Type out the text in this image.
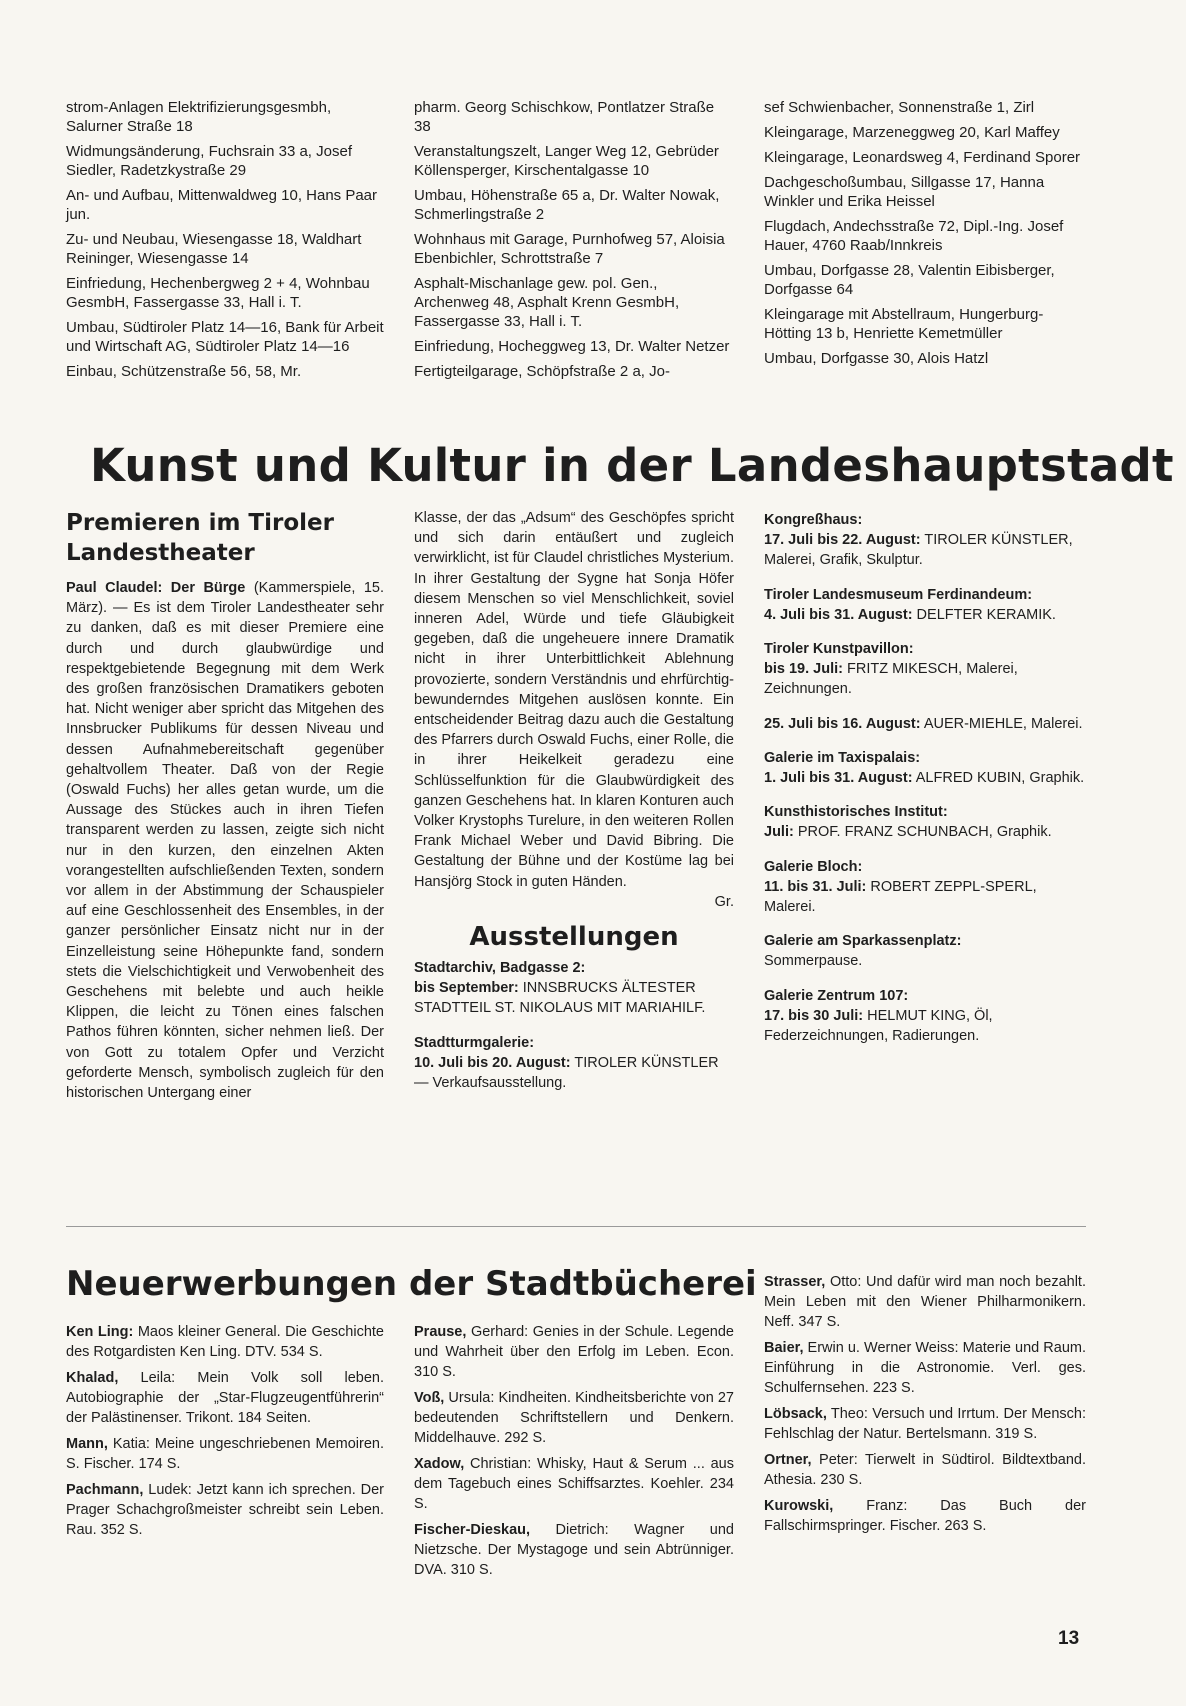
strom-Anlagen Elektrifizierungsgesmbh, Salurner Straße 18

Widmungsänderung, Fuchsrain 33 a, Josef Siedler, Radetzkystraße 29

An- und Aufbau, Mittenwaldweg 10, Hans Paar jun.

Zu- und Neubau, Wiesengasse 18, Waldhart Reininger, Wiesengasse 14

Einfriedung, Hechenbergweg 2 + 4, Wohnbau GesmbH, Fassergasse 33, Hall i. T.

Umbau, Südtiroler Platz 14—16, Bank für Arbeit und Wirtschaft AG, Südtiroler Platz 14—16

Einbau, Schützenstraße 56, 58, Mr.

pharm. Georg Schischkow, Pontlatzer Straße 38

Veranstaltungszelt, Langer Weg 12, Gebrüder Köllensperger, Kirschentalgasse 10

Umbau, Höhenstraße 65 a, Dr. Walter Nowak, Schmerlingstraße 2

Wohnhaus mit Garage, Purnhofweg 57, Aloisia Ebenbichler, Schrottstraße 7

Asphalt-Mischanlage gew. pol. Gen., Archenweg 48, Asphalt Krenn GesmbH, Fassergasse 33, Hall i. T.

Einfriedung, Hocheggweg 13, Dr. Walter Netzer

Fertigteilgarage, Schöpfstraße 2 a, Jo-

sef Schwienbacher, Sonnenstraße 1, Zirl

Kleingarage, Marzeneggweg 20, Karl Maffey

Kleingarage, Leonardsweg 4, Ferdinand Sporer

Dachgeschoßumbau, Sillgasse 17, Hanna Winkler und Erika Heissel

Flugdach, Andechsstraße 72, Dipl.-Ing. Josef Hauer, 4760 Raab/Innkreis

Umbau, Dorfgasse 28, Valentin Eibisberger, Dorfgasse 64

Kleingarage mit Abstellraum, Hungerburg-Hötting 13 b, Henriette Kemetmüller

Umbau, Dorfgasse 30, Alois Hatzl

Kunst und Kultur in der Landeshauptstadt

Premieren im Tiroler

Landestheater

Paul Claudel: Der Bürge (Kammerspiele, 15. März). — Es ist dem Tiroler Landestheater sehr zu danken, daß es mit dieser Premiere eine durch und durch glaubwürdige und respektgebietende Begegnung mit dem Werk des großen französischen Dramatikers geboten hat. Nicht weniger aber spricht das Mitgehen des Innsbrucker Publikums für dessen Niveau und dessen Aufnahmebereitschaft gegenüber gehaltvollem Theater. Daß von der Regie (Oswald Fuchs) her alles getan wurde, um die Aussage des Stückes auch in ihren Tiefen transparent werden zu lassen, zeigte sich nicht nur in den kurzen, den einzelnen Akten vorangestellten aufschließenden Texten, sondern vor allem in der Abstimmung der Schauspieler auf eine Geschlossenheit des Ensembles, in der ganzer persönlicher Einsatz nicht nur in der Einzelleistung seine Höhepunkte fand, sondern stets die Vielschichtigkeit und Verwobenheit des Geschehens mit belebte und auch heikle Klippen, die leicht zu Tönen eines falschen Pathos führen könnten, sicher nehmen ließ. Der von Gott zu totalem Opfer und Verzicht geforderte Mensch, symbolisch zugleich für den historischen Untergang einer

Klasse, der das „Adsum“ des Geschöpfes spricht und sich darin entäußert und zugleich verwirklicht, ist für Claudel christliches Mysterium. In ihrer Gestaltung der Sygne hat Sonja Höfer diesem Menschen so viel Menschlichkeit, soviel inneren Adel, Würde und tiefe Gläubigkeit gegeben, daß die ungeheuere innere Dramatik nicht in ihrer Unterbittlichkeit Ablehnung provozierte, sondern Verständnis und ehrfürchtig-bewunderndes Mitgehen auslösen konnte. Ein entscheidender Beitrag dazu auch die Gestaltung des Pfarrers durch Oswald Fuchs, einer Rolle, die in ihrer Heikelkeit geradezu eine Schlüsselfunktion für die Glaubwürdigkeit des ganzen Geschehens hat. In klaren Konturen auch Volker Krystophs Turelure, in den weiteren Rollen Frank Michael Weber und David Bibring. Die Gestaltung der Bühne und der Kostüme lag bei Hansjörg Stock in guten Händen.

Gr.

Ausstellungen

Stadtarchiv, Badgasse 2:

bis September: INNSBRUCKS ÄLTESTER STADTTEIL ST. NIKOLAUS MIT MARIAHILF.

Stadtturmgalerie:

10. Juli bis 20. August: TIROLER KÜNSTLER — Verkaufsausstellung.

Kongreßhaus:

17. Juli bis 22. August: TIROLER KÜNSTLER, Malerei, Grafik, Skulptur.

Tiroler Landesmuseum Ferdinandeum:

4. Juli bis 31. August: DELFTER KERAMIK.

Tiroler Kunstpavillon:

bis 19. Juli: FRITZ MIKESCH, Malerei, Zeichnungen.

25. Juli bis 16. August: AUER-MIEHLE, Malerei.

Galerie im Taxispalais:

1. Juli bis 31. August: ALFRED KUBIN, Graphik.

Kunsthistorisches Institut:

Juli: PROF. FRANZ SCHUNBACH, Graphik.

Galerie Bloch:

11. bis 31. Juli: ROBERT ZEPPL-SPERL, Malerei.

Galerie am Sparkassenplatz:

Sommerpause.

Galerie Zentrum 107:

17. bis 30 Juli: HELMUT KING, Öl, Federzeichnungen, Radierungen.

Neuerwerbungen der Stadtbücherei

Ken Ling: Maos kleiner General. Die Geschichte des Rotgardisten Ken Ling. DTV. 534 S.

Khalad, Leila: Mein Volk soll leben. Autobiographie der „Star-Flugzeugentführerin“ der Palästinenser. Trikont. 184 Seiten.

Mann, Katia: Meine ungeschriebenen Memoiren. S. Fischer. 174 S.

Pachmann, Ludek: Jetzt kann ich sprechen. Der Prager Schachgroßmeister schreibt sein Leben. Rau. 352 S.

Prause, Gerhard: Genies in der Schule. Legende und Wahrheit über den Erfolg im Leben. Econ. 310 S.

Voß, Ursula: Kindheiten. Kindheitsberichte von 27 bedeutenden Schriftstellern und Denkern. Middelhauve. 292 S.

Xadow, Christian: Whisky, Haut & Serum ... aus dem Tagebuch eines Schiffsarztes. Koehler. 234 S.

Fischer-Dieskau, Dietrich: Wagner und Nietzsche. Der Mystagoge und sein Abtrünniger. DVA. 310 S.

Strasser, Otto: Und dafür wird man noch bezahlt. Mein Leben mit den Wiener Philharmonikern. Neff. 347 S.

Baier, Erwin u. Werner Weiss: Materie und Raum. Einführung in die Astronomie. Verl. ges. Schulfernsehen. 223 S.

Löbsack, Theo: Versuch und Irrtum. Der Mensch: Fehlschlag der Natur. Bertelsmann. 319 S.

Ortner, Peter: Tierwelt in Südtirol. Bildtextband. Athesia. 230 S.

Kurowski, Franz: Das Buch der Fallschirmspringer. Fischer. 263 S.

13
